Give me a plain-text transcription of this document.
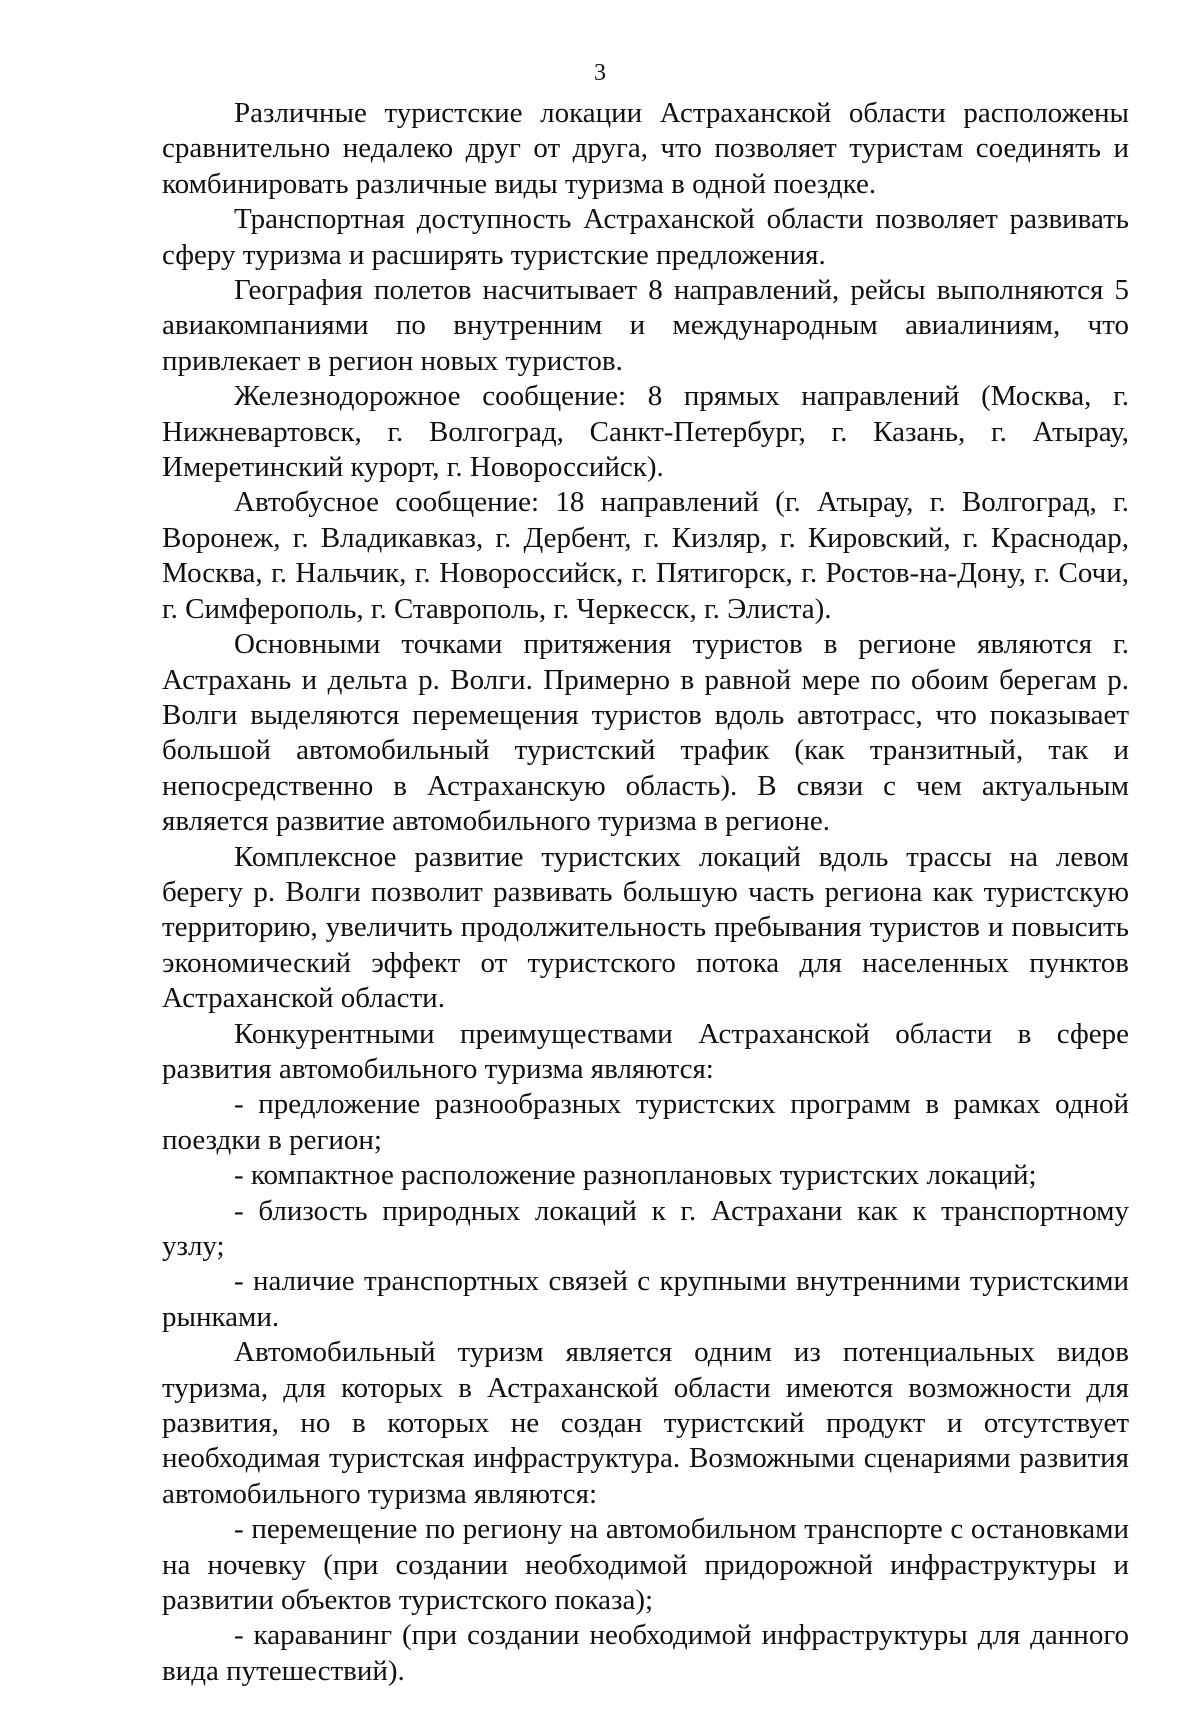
3

Различные туристские локации Астраханской области расположены сравнительно недалеко друг от друга, что позволяет туристам соединять и комбинировать различные виды туризма в одной поездке.

Транспортная доступность Астраханской области позволяет развивать сферу туризма и расширять туристские предложения.

География полетов насчитывает 8 направлений, рейсы выполняются 5 авиакомпаниями по внутренним и международным авиалиниям, что привлекает в регион новых туристов.

Железнодорожное сообщение: 8 прямых направлений (Москва, г. Нижневартовск, г. Волгоград, Санкт-Петербург, г. Казань, г. Атырау, Имеретинский курорт, г. Новороссийск).

Автобусное сообщение: 18 направлений (г. Атырау, г. Волгоград, г. Воронеж, г. Владикавказ, г. Дербент, г. Кизляр, г. Кировский, г. Краснодар, Москва, г. Нальчик, г. Новороссийск, г. Пятигорск, г. Ростов-на-Дону, г. Сочи, г. Симферополь, г. Ставрополь, г. Черкесск, г. Элиста).

Основными точками притяжения туристов в регионе являются г. Астрахань и дельта р. Волги. Примерно в равной мере по обоим берегам р. Волги выделяются перемещения туристов вдоль автотрасс, что показывает большой автомобильный туристский трафик (как транзитный, так и непосредственно в Астраханскую область). В связи с чем актуальным является развитие автомобильного туризма в регионе.

Комплексное развитие туристских локаций вдоль трассы на левом берегу р. Волги позволит развивать большую часть региона как туристскую территорию, увеличить продолжительность пребывания туристов и повысить экономический эффект от туристского потока для населенных пунктов Астраханской области.

Конкурентными преимуществами Астраханской области в сфере развития автомобильного туризма являются:

- предложение разнообразных туристских программ в рамках одной поездки в регион;

- компактное расположение разноплановых туристских локаций;

- близость природных локаций к г. Астрахани как к транспортному узлу;

- наличие транспортных связей с крупными внутренними туристскими рынками.

Автомобильный туризм является одним из потенциальных видов туризма, для которых в Астраханской области имеются возможности для развития, но в которых не создан туристский продукт и отсутствует необходимая туристская инфраструктура. Возможными сценариями развития автомобильного туризма являются:

- перемещение по региону на автомобильном транспорте с остановками на ночевку (при создании необходимой придорожной инфраструктуры и развитии объектов туристского показа);

- караванинг (при создании необходимой инфраструктуры для данного вида путешествий).
